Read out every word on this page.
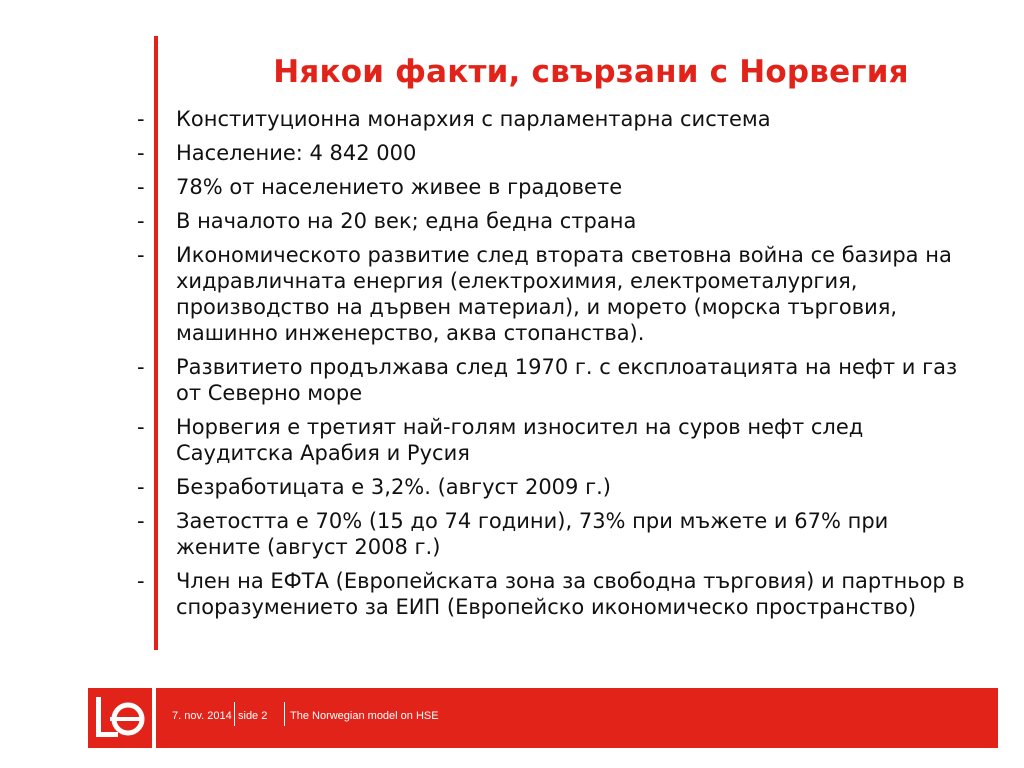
Някои факти, свързани с Норвегия
- Конституционна монархия с парламентарна система
- Население: 4 842 000
- 78% от населението живее в градовете
- В началото на 20 век; една бедна страна
- Икономическото развитие след втората световна война се базира на хидравличната енергия (електрохимия, електрометалургия, производство на дървен материал), и морето (морска търговия, машинно инженерство, аква стопанства).
- Развитието продължава след 1970 г. с експлоатацията на нефт и газ от Северно море
- Норвегия е третият най-голям износител на суров нефт след Саудитска Арабия и Русия
- Безработицата е 3,2%. (август 2009 г.)
- Заетостта е 70% (15 до 74 години), 73% при мъжете и 67% при жените (август 2008 г.)
- Член на ЕФТА (Европейската зона за свободна търговия) и партньор в споразумението за ЕИП (Европейско икономическо пространство)
7. nov. 2014 side 2 The Norwegian model on HSE
